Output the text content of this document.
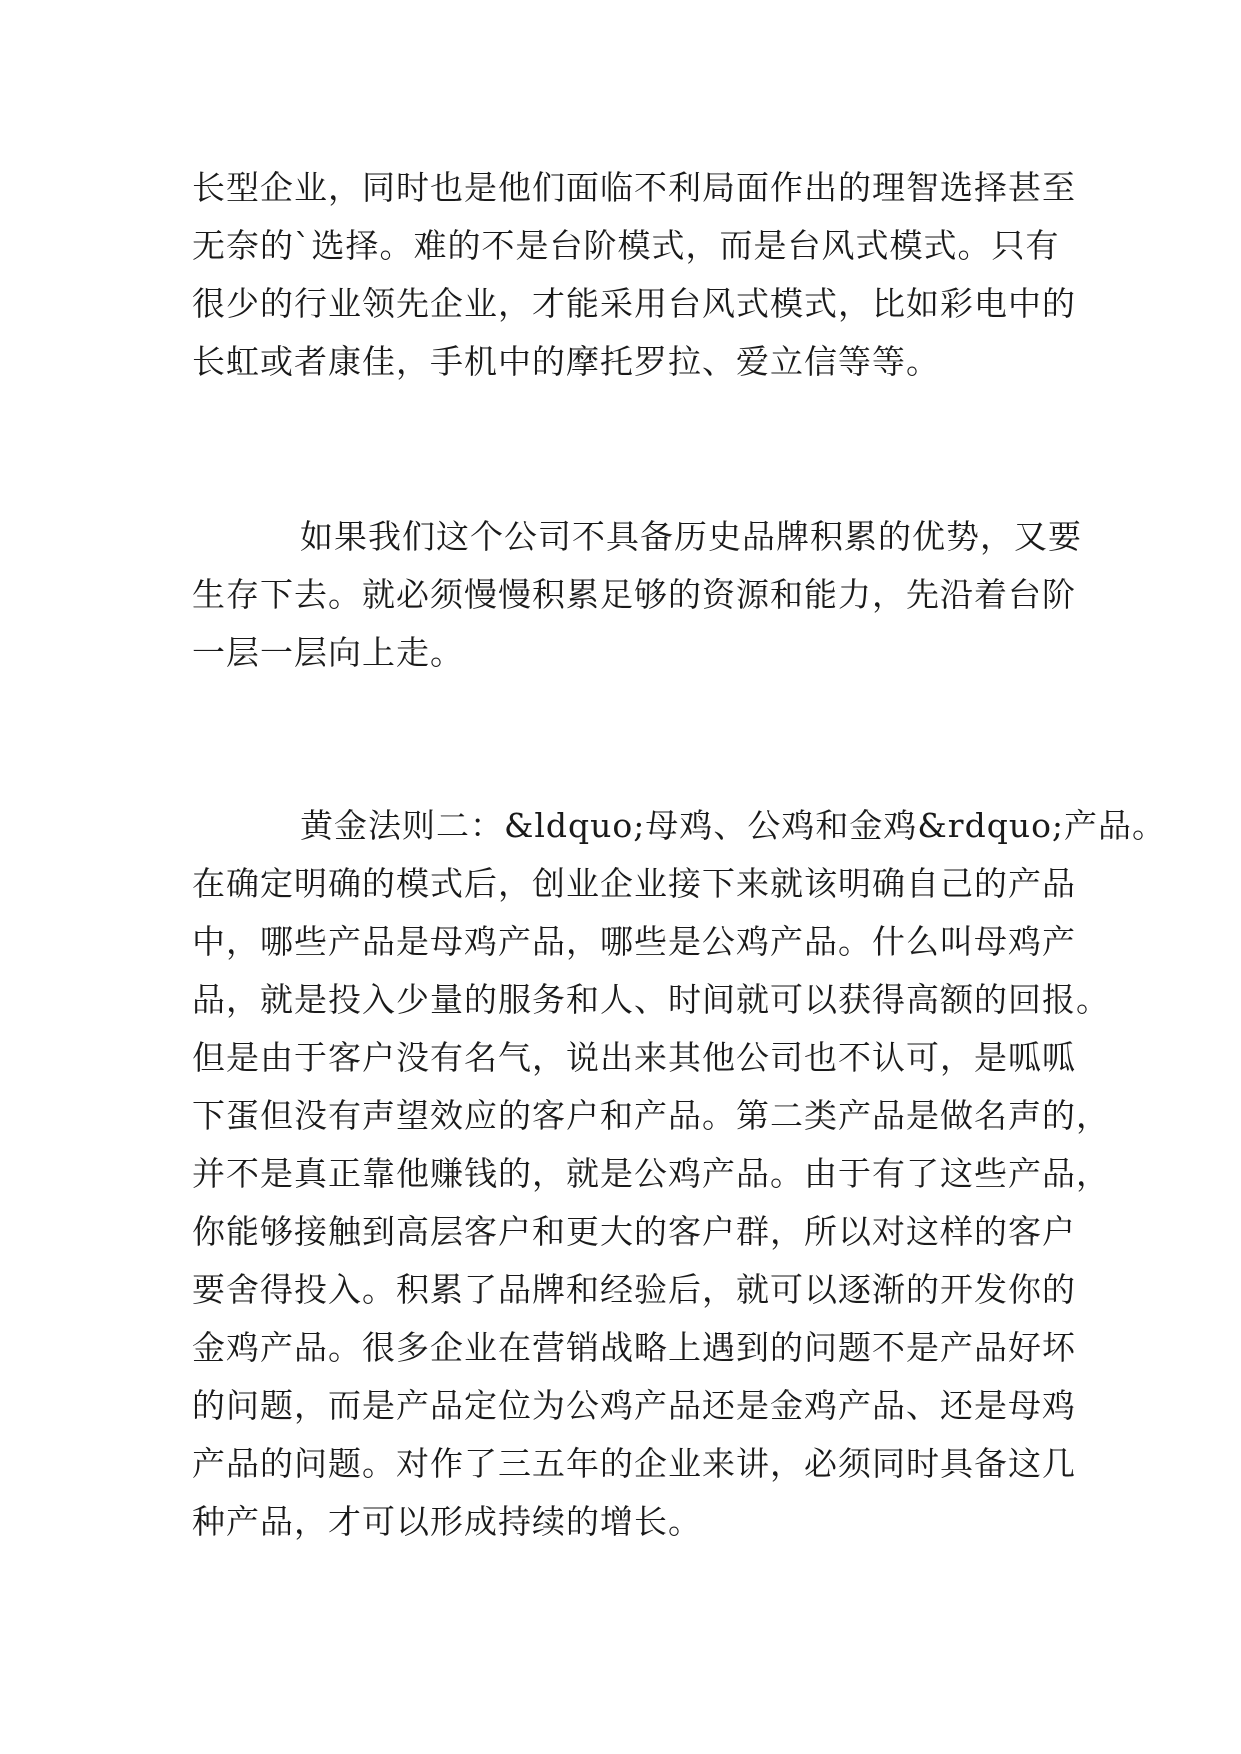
长型企业，同时也是他们面临不利局面作出的理智选择甚至
无奈的`选择。难的不是台阶模式，而是台风式模式。只有
很少的行业领先企业，才能采用台风式模式，比如彩电中的
长虹或者康佳，手机中的摩托罗拉、爱立信等等。

如果我们这个公司不具备历史品牌积累的优势，又要
生存下去。就必须慢慢积累足够的资源和能力，先沿着台阶
一层一层向上走。

黄金法则二：&ldquo;母鸡、公鸡和金鸡&rdquo;产品。
在确定明确的模式后，创业企业接下来就该明确自己的产品
中，哪些产品是母鸡产品，哪些是公鸡产品。什么叫母鸡产
品，就是投入少量的服务和人、时间就可以获得高额的回报。
但是由于客户没有名气，说出来其他公司也不认可，是呱呱
下蛋但没有声望效应的客户和产品。第二类产品是做名声的，
并不是真正靠他赚钱的，就是公鸡产品。由于有了这些产品，
你能够接触到高层客户和更大的客户群，所以对这样的客户
要舍得投入。积累了品牌和经验后，就可以逐渐的开发你的
金鸡产品。很多企业在营销战略上遇到的问题不是产品好坏
的问题，而是产品定位为公鸡产品还是金鸡产品、还是母鸡
产品的问题。对作了三五年的企业来讲，必须同时具备这几
种产品，才可以形成持续的增长。
